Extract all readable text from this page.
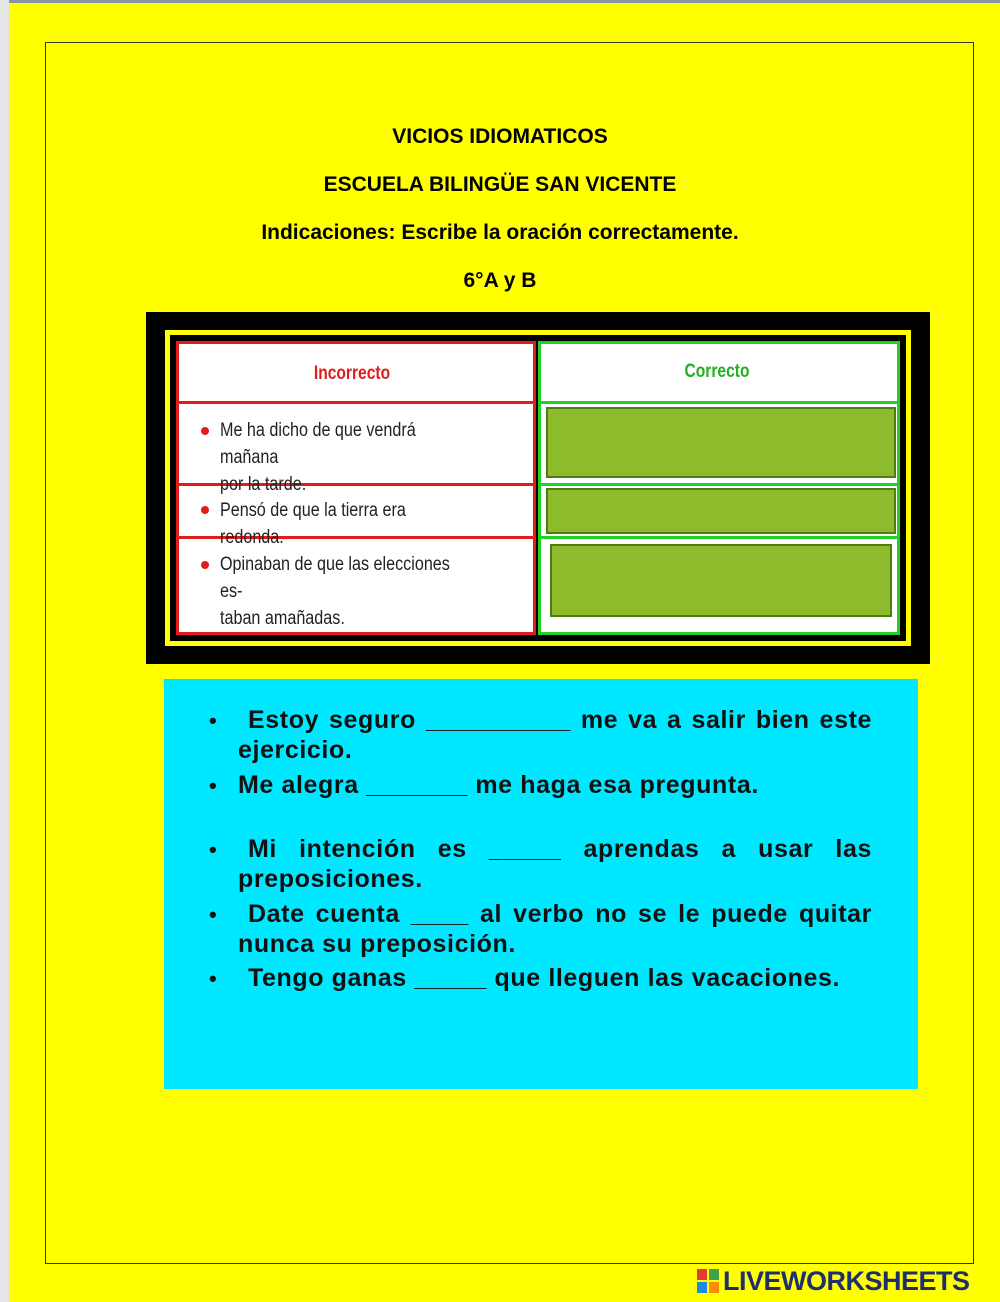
VICIOS IDIOMATICOS
ESCUELA BILINGÜE SAN VICENTE
Indicaciones: Escribe la oración correctamente.
6°A y B
Incorrecto	Correcto
Me ha dicho de que vendrá mañana
por la tarde.
Pensó de que la tierra era redonda.
Opinaban de que las elecciones es-
taban amañadas.
•	Estoy seguro __________ me va a salir bien este ejercicio.
• Me alegra _______ me haga esa pregunta.
•	Mi intención es _____ aprendas a usar las preposiciones.
•	Date cuenta ____ al verbo no se le puede quitar nunca su preposición.
•	Tengo ganas _____ que lleguen las vacaciones.
LIVEWORKSHEETS
